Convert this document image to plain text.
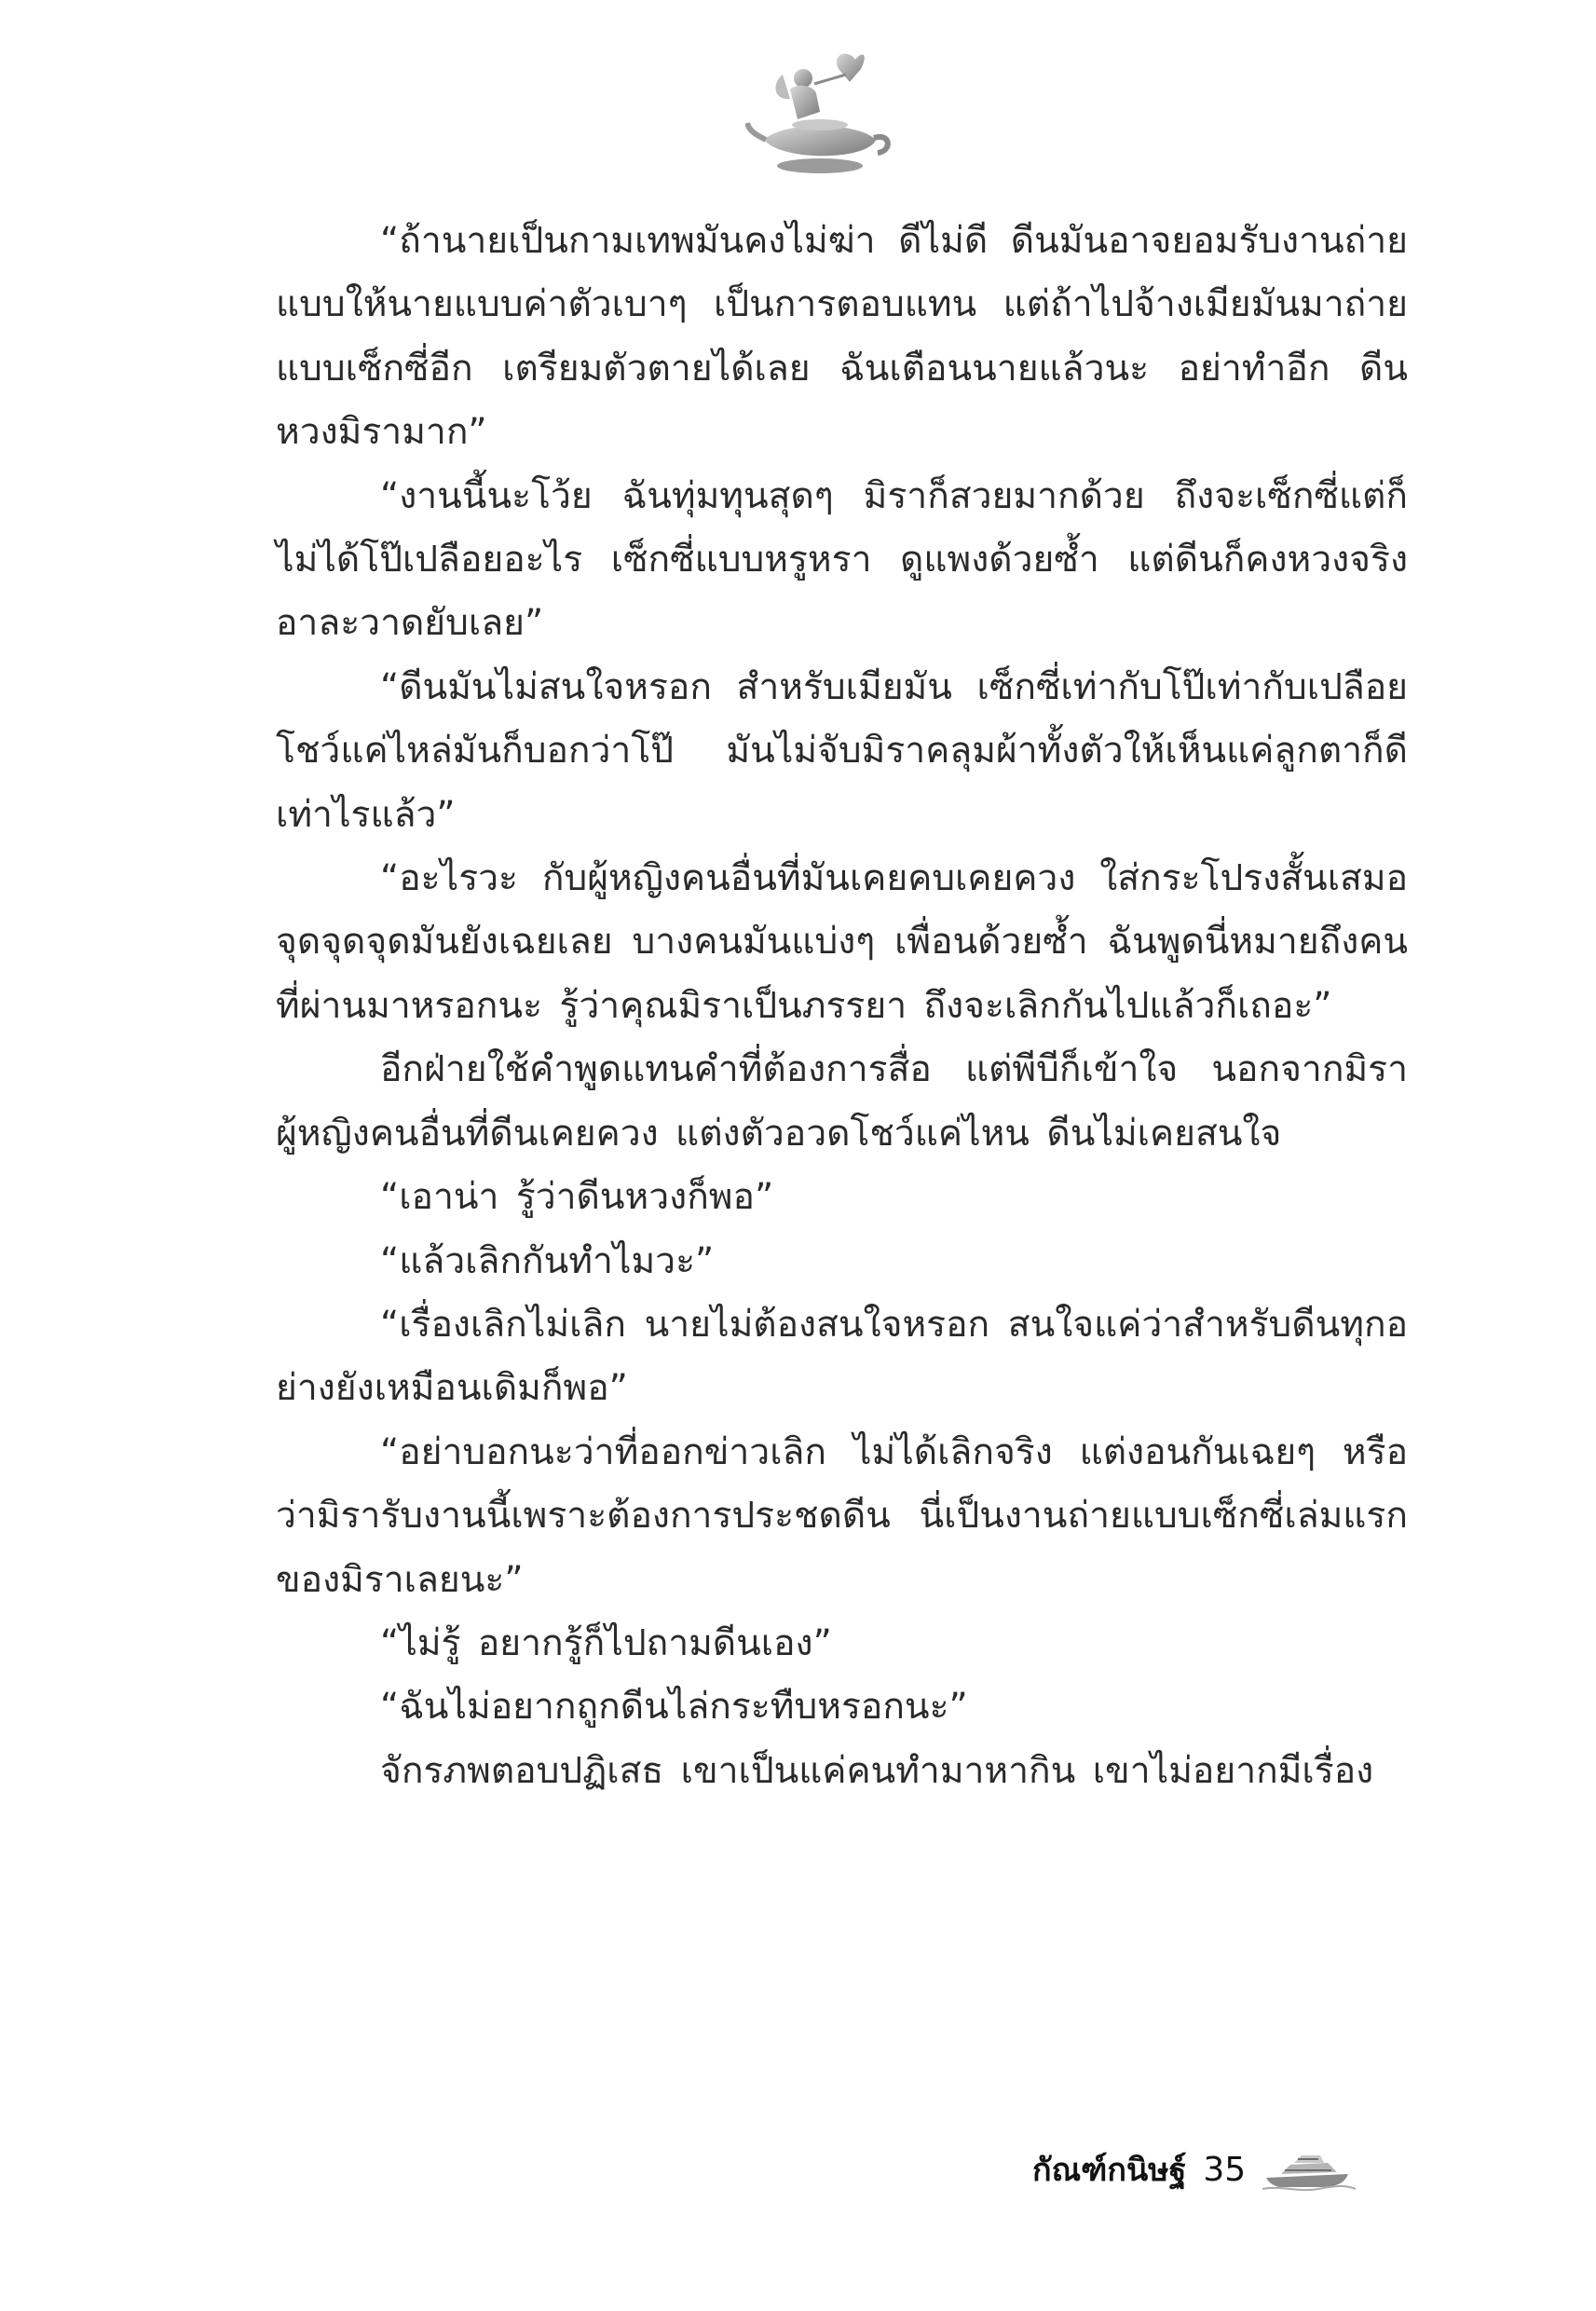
“ถ้านายเป็นกามเทพมันคงไม่ฆ่า ดีไม่ดี ดีนมันอาจยอมรับงานถ่ายแบบให้นายแบบค่าตัวเบาๆ เป็นการตอบแทน แต่ถ้าไปจ้างเมียมันมาถ่ายแบบเซ็กซี่อีก เตรียมตัวตายได้เลย ฉันเตือนนายแล้วนะ อย่าทำอีก ดีนหวงมิรามาก”

“งานนี้นะโว้ย ฉันทุ่มทุนสุดๆ มิราก็สวยมากด้วย ถึงจะเซ็กซี่แต่ก็ไม่ได้โป๊เปลือยอะไร เซ็กซี่แบบหรูหรา ดูแพงด้วยซ้ำ แต่ดีนก็คงหวงจริง อาละวาดยับเลย”

“ดีนมันไม่สนใจหรอก สำหรับเมียมัน เซ็กซี่เท่ากับโป๊เท่ากับเปลือย โชว์แค่ไหล่มันก็บอกว่าโป๊ มันไม่จับมิราคลุมผ้าทั้งตัวให้เห็นแค่ลูกตาก็ดีเท่าไรแล้ว”

“อะไรวะ กับผู้หญิงคนอื่นที่มันเคยคบเคยควง ใส่กระโปรงสั้นเสมอจุดจุดจุดมันยังเฉยเลย บางคนมันแบ่งๆ เพื่อนด้วยซ้ำ ฉันพูดนี่หมายถึงคนที่ผ่านมาหรอกนะ รู้ว่าคุณมิราเป็นภรรยา ถึงจะเลิกกันไปแล้วก็เถอะ”

อีกฝ่ายใช้คำพูดแทนคำที่ต้องการสื่อ แต่พีบีก็เข้าใจ นอกจากมิรา ผู้หญิงคนอื่นที่ดีนเคยควง แต่งตัวอวดโชว์แค่ไหน ดีนไม่เคยสนใจ

“เอาน่า รู้ว่าดีนหวงก็พอ”

“แล้วเลิกกันทำไมวะ”

“เรื่องเลิกไม่เลิก นายไม่ต้องสนใจหรอก สนใจแค่ว่าสำหรับดีนทุกอย่างยังเหมือนเดิมก็พอ”

“อย่าบอกนะว่าที่ออกข่าวเลิก ไม่ได้เลิกจริง แต่งอนกันเฉยๆ หรือว่ามิรารับงานนี้เพราะต้องการประชดดีน นี่เป็นงานถ่ายแบบเซ็กซี่เล่มแรกของมิราเลยนะ”

“ไม่รู้ อยากรู้ก็ไปถามดีนเอง”

“ฉันไม่อยากถูกดีนไล่กระทืบหรอกนะ”

จักรภพตอบปฏิเสธ เขาเป็นแค่คนทำมาหากิน เขาไม่อยากมีเรื่อง

กัณฑ์กนิษฐ์ 35
